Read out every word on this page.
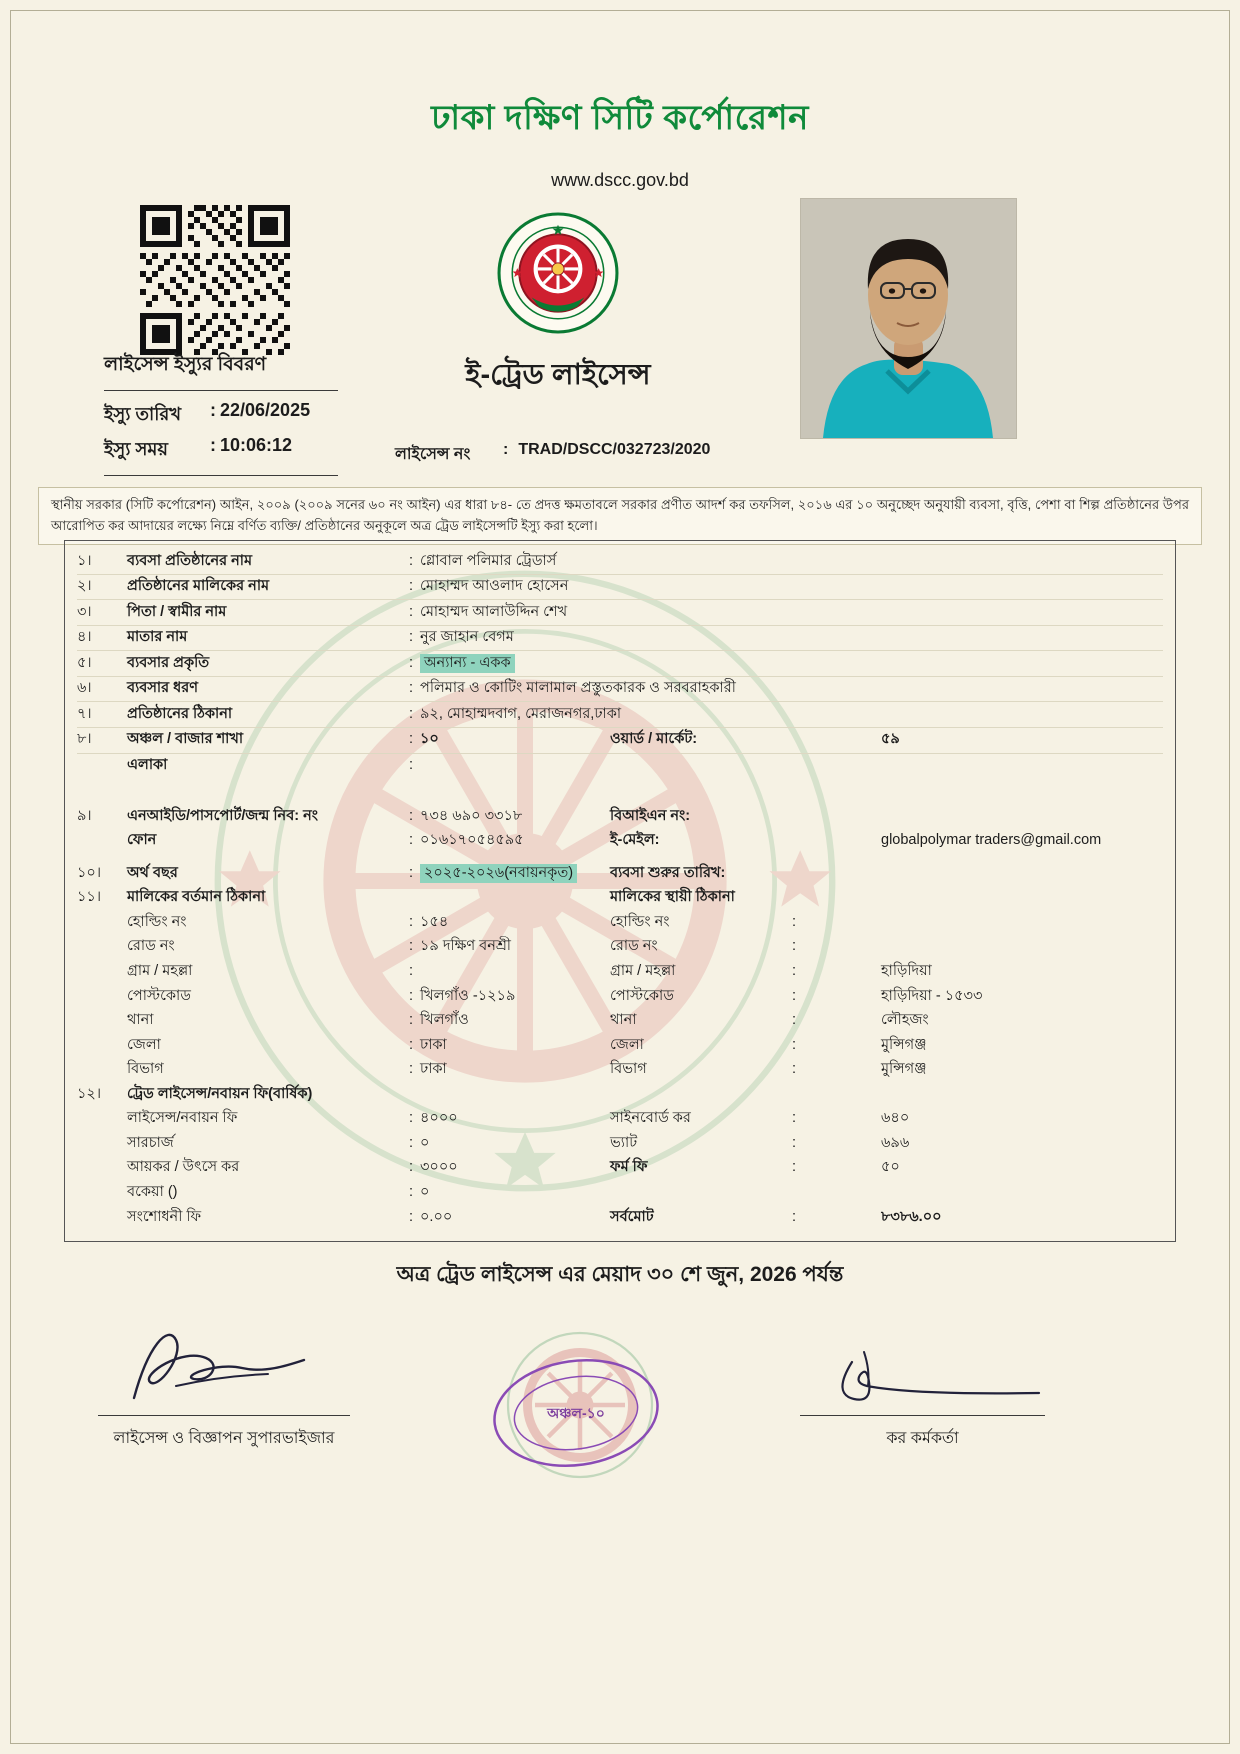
ঢাকা দক্ষিণ সিটি কর্পোরেশন
www.dscc.gov.bd
লাইসেন্স ইস্যুর বিবরণ
ইস্যু তারিখ	: 22/06/2025
ইস্যু সময়	: 10:06:12
ই-ট্রেড লাইসেন্স
লাইসেন্স নং	: TRAD/DSCC/032723/2020
স্থানীয় সরকার (সিটি কর্পোরেশন) আইন, ২০০৯ (২০০৯ সনের ৬০ নং আইন) এর ধারা ৮৪- তে প্রদত্ত ক্ষমতাবলে সরকার প্রণীত আদর্শ কর তফসিল, ২০১৬ এর ১০ অনুচ্ছেদ অনুযায়ী ব্যবসা, বৃত্তি, পেশা বা শিল্প প্রতিষ্ঠানের উপর আরোপিত কর আদায়ের লক্ষ্যে নিম্নে বর্ণিত ব্যক্তি/ প্রতিষ্ঠানের অনুকূলে অত্র ট্রেড লাইসেন্সটি ইস্যু করা হলো।
১।	ব্যবসা প্রতিষ্ঠানের নাম	: গ্লোবাল পলিমার ট্রেডার্স
২।	প্রতিষ্ঠানের মালিকের নাম	: মোহাম্মদ আওলাদ হোসেন
৩।	পিতা / স্বামীর নাম	: মোহাম্মদ আলাউদ্দিন শেখ
৪।	মাতার নাম	: নুর জাহান বেগম
৫।	ব্যবসার প্রকৃতি	: অন্যান্য - একক
৬।	ব্যবসার ধরণ	: পলিমার ও কোটিং মালামাল প্রস্তুতকারক ও সরবরাহকারী
৭।	প্রতিষ্ঠানের ঠিকানা	: ৯২, মোহাম্মদবাগ, মেরাজনগর,ঢাকা
৮।	অঞ্চল / বাজার শাখা	: ১০	ওয়ার্ড / মার্কেট:	৫৯
এলাকা	:
৯।	এনআইডি/পাসপোর্ট/জন্ম নিব: নং	: ৭৩৪ ৬৯০ ৩৩১৮	বিআইএন নং:
ফোন	: ০১৬১৭০৫৪৫৯৫	ই-মেইল:	globalpolymar traders@gmail.com
১০।	অর্থ বছর	: ২০২৫-২০২৬(নবায়নকৃত)	ব্যবসা শুরুর তারিখ:
১১।	মালিকের বর্তমান ঠিকানা	মালিকের স্থায়ী ঠিকানা
হোল্ডিং নং	: ১৫৪	হোল্ডিং নং	:
রোড নং	: ১৯ দক্ষিণ বনশ্রী	রোড নং	:
গ্রাম / মহল্লা	:	গ্রাম / মহল্লা	:	হাড়িদিয়া
পোস্টকোড	: খিলগাঁও -১২১৯	পোস্টকোড	:	হাড়িদিয়া - ১৫৩৩
থানা	: খিলগাঁও	থানা	:	লৌহজং
জেলা	: ঢাকা	জেলা	:	মুন্সিগঞ্জ
বিভাগ	: ঢাকা	বিভাগ	:	মুন্সিগঞ্জ
১২।	ট্রেড লাইসেন্স/নবায়ন ফি(বার্ষিক)
লাইসেন্স/নবায়ন ফি	: ৪০০০	সাইনবোর্ড কর	:	৬৪০
সারচার্জ	: ০	ভ্যাট	:	৬৯৬
আয়কর / উৎসে কর	: ৩০০০	ফর্ম ফি	:	৫০
বকেয়া ()	: ০
সংশোধনী ফি	: ০.০০	সর্বমোট	:	৮৩৮৬.০০
অত্র ট্রেড লাইসেন্স এর মেয়াদ ৩০ শে জুন, 2026 পর্যন্ত
লাইসেন্স ও বিজ্ঞাপন সুপারভাইজার
অঞ্চল-১০
কর কর্মকর্তা
